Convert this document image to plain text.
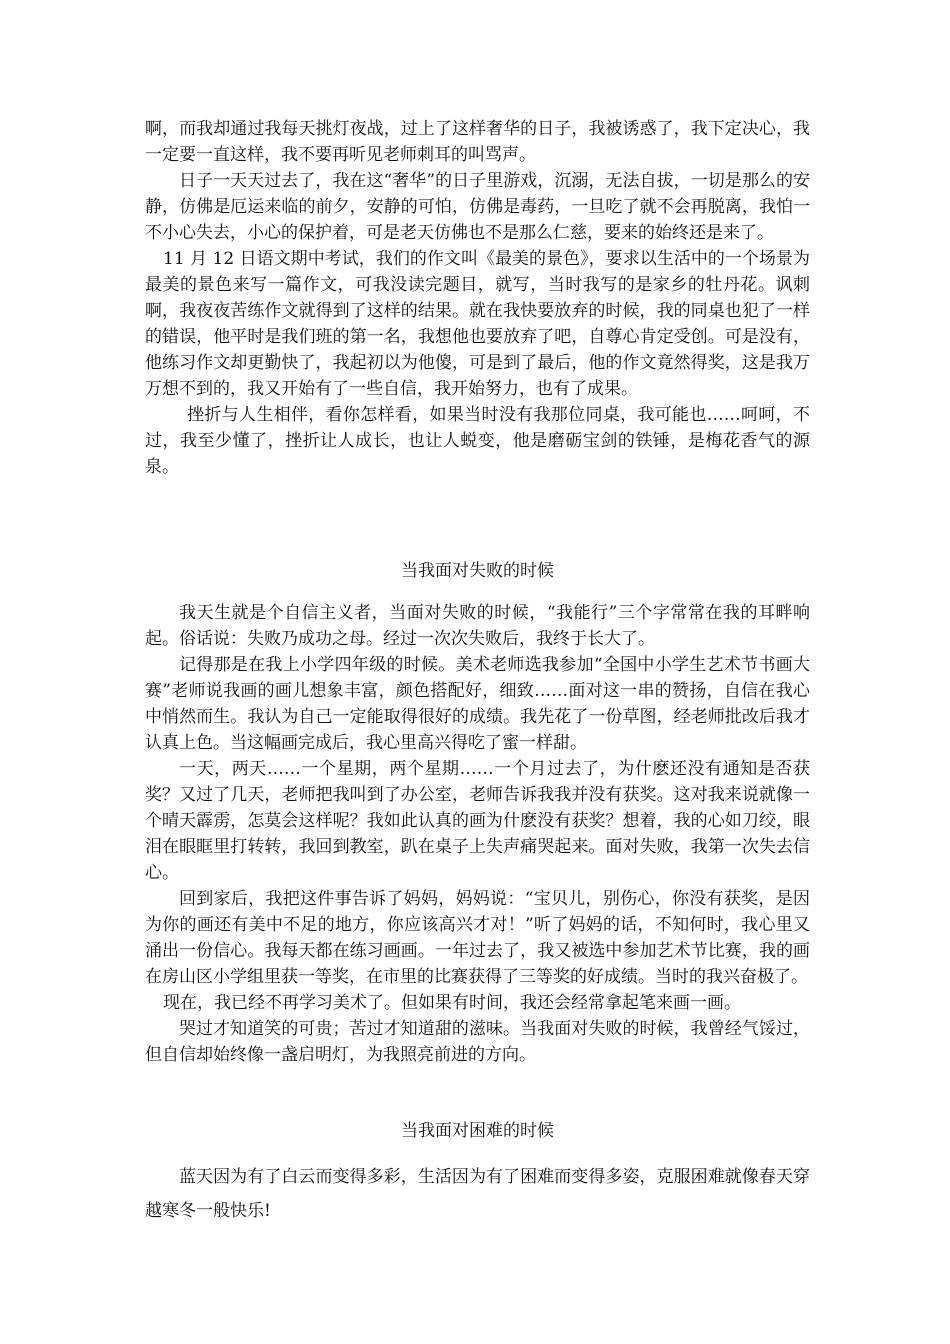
啊，而我却通过我每天挑灯夜战，过上了这样奢华的日子，我被诱惑了，我下定决心，我一定要一直这样，我不要再听见老师刺耳的叫骂声。

日子一天天过去了，我在这“奢华”的日子里游戏，沉溺，无法自拔，一切是那么的安静，仿佛是厄运来临的前夕，安静的可怕，仿佛是毒药，一旦吃了就不会再脱离，我怕一不小心失去，小心的保护着，可是老天仿佛也不是那么仁慈，要来的始终还是来了。

11 月 12 日语文期中考试，我们的作文叫《最美的景色》，要求以生活中的一个场景为最美的景色来写一篇作文，可我没读完题目，就写，当时我写的是家乡的牡丹花。讽刺啊，我夜夜苦练作文就得到了这样的结果。就在我快要放弃的时候，我的同桌也犯了一样的错误，他平时是我们班的第一名，我想他也要放弃了吧，自尊心肯定受创。可是没有，他练习作文却更勤快了，我起初以为他傻，可是到了最后，他的作文竟然得奖，这是我万万想不到的，我又开始有了一些自信，我开始努力，也有了成果。

挫折与人生相伴，看你怎样看，如果当时没有我那位同桌，我可能也……呵呵，不过，我至少懂了，挫折让人成长，也让人蜕变，他是磨砺宝剑的铁锤，是梅花香气的源泉。

当我面对失败的时候

我天生就是个自信主义者，当面对失败的时候，“我能行”三个字常常在我的耳畔响起。俗话说：失败乃成功之母。经过一次次失败后，我终于长大了。

记得那是在我上小学四年级的时候。美术老师选我参加“全国中小学生艺术节书画大赛”老师说我画的画儿想象丰富，颜色搭配好，细致……面对这一串的赞扬，自信在我心中悄然而生。我认为自己一定能取得很好的成绩。我先花了一份草图，经老师批改后我才认真上色。当这幅画完成后，我心里高兴得吃了蜜一样甜。

一天，两天……一个星期，两个星期……一个月过去了，为什麽还没有通知是否获奖？又过了几天，老师把我叫到了办公室，老师告诉我我并没有获奖。这对我来说就像一个晴天霹雳，怎莫会这样呢？我如此认真的画为什麽没有获奖？想着，我的心如刀绞，眼泪在眼眶里打转转，我回到教室，趴在桌子上失声痛哭起来。面对失败，我第一次失去信心。

回到家后，我把这件事告诉了妈妈，妈妈说：“宝贝儿，别伤心，你没有获奖，是因为你的画还有美中不足的地方，你应该高兴才对！”听了妈妈的话，不知何时，我心里又涌出一份信心。我每天都在练习画画。一年过去了，我又被选中参加艺术节比赛，我的画在房山区小学组里获一等奖，在市里的比赛获得了三等奖的好成绩。当时的我兴奋极了。

现在，我已经不再学习美术了。但如果有时间，我还会经常拿起笔来画一画。

哭过才知道笑的可贵；苦过才知道甜的滋味。当我面对失败的时候，我曾经气馁过，但自信却始终像一盏启明灯，为我照亮前进的方向。

当我面对困难的时候

蓝天因为有了白云而变得多彩，生活因为有了困难而变得多姿，克服困难就像春天穿越寒冬一般快乐!
